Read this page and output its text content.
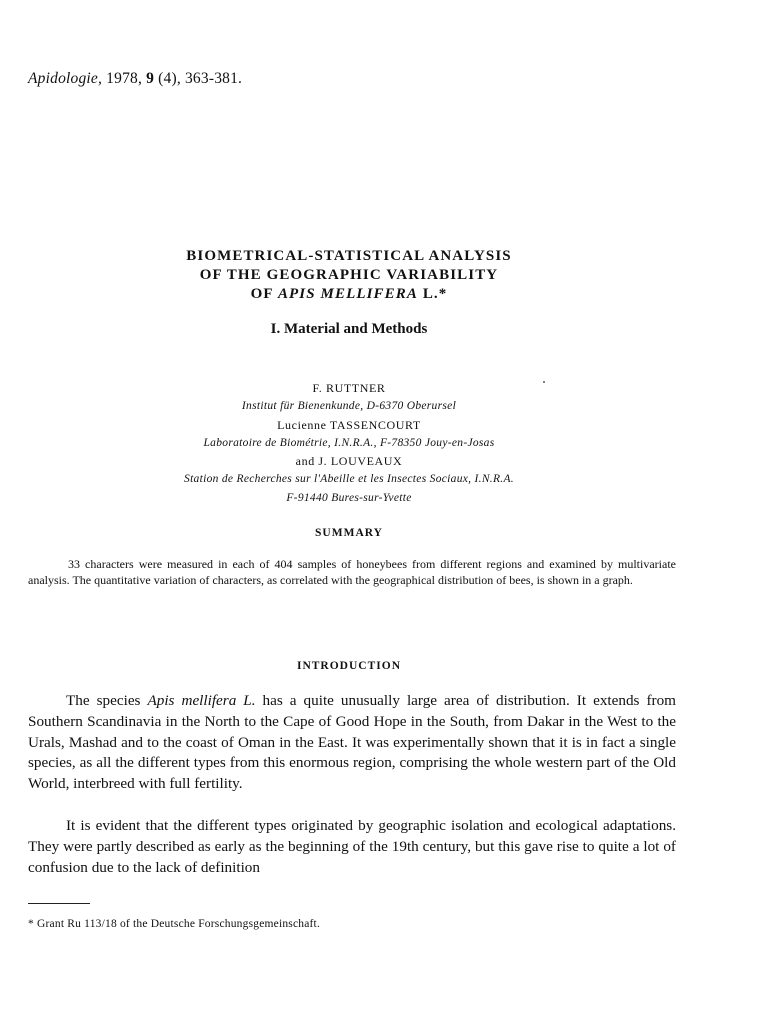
Apidologie, 1978, 9 (4), 363-381.

BIOMETRICAL-STATISTICAL ANALYSIS
OF THE GEOGRAPHIC VARIABILITY
OF APIS MELLIFERA L.*
I. Material and Methods
F. RUTTNER
Institut für Bienenkunde, D-6370 Oberursel
Lucienne TASSENCOURT
Laboratoire de Biométrie, I.N.R.A., F-78350 Jouy-en-Josas
and J. LOUVEAUX
Station de Recherches sur l'Abeille et les Insectes Sociaux, I.N.R.A.
F-91440 Bures-sur-Yvette
SUMMARY

33 characters were measured in each of 404 samples of honeybees from different regions and examined by multivariate analysis. The quantitative variation of characters, as correlated with the geographical distribution of bees, is shown in a graph.

INTRODUCTION

The species Apis mellifera L. has a quite unusually large area of distribution. It extends from Southern Scandinavia in the North to the Cape of Good Hope in the South, from Dakar in the West to the Urals, Mashad and to the coast of Oman in the East. It was experimentally shown that it is in fact a single species, as all the different types from this enormous region, comprising the whole western part of the Old World, interbreed with full fertility.

It is evident that the different types originated by geographic isolation and ecological adaptations. They were partly described as early as the beginning of the 19th century, but this gave rise to quite a lot of confusion due to the lack of definition

* Grant Ru 113/18 of the Deutsche Forschungsgemeinschaft.
